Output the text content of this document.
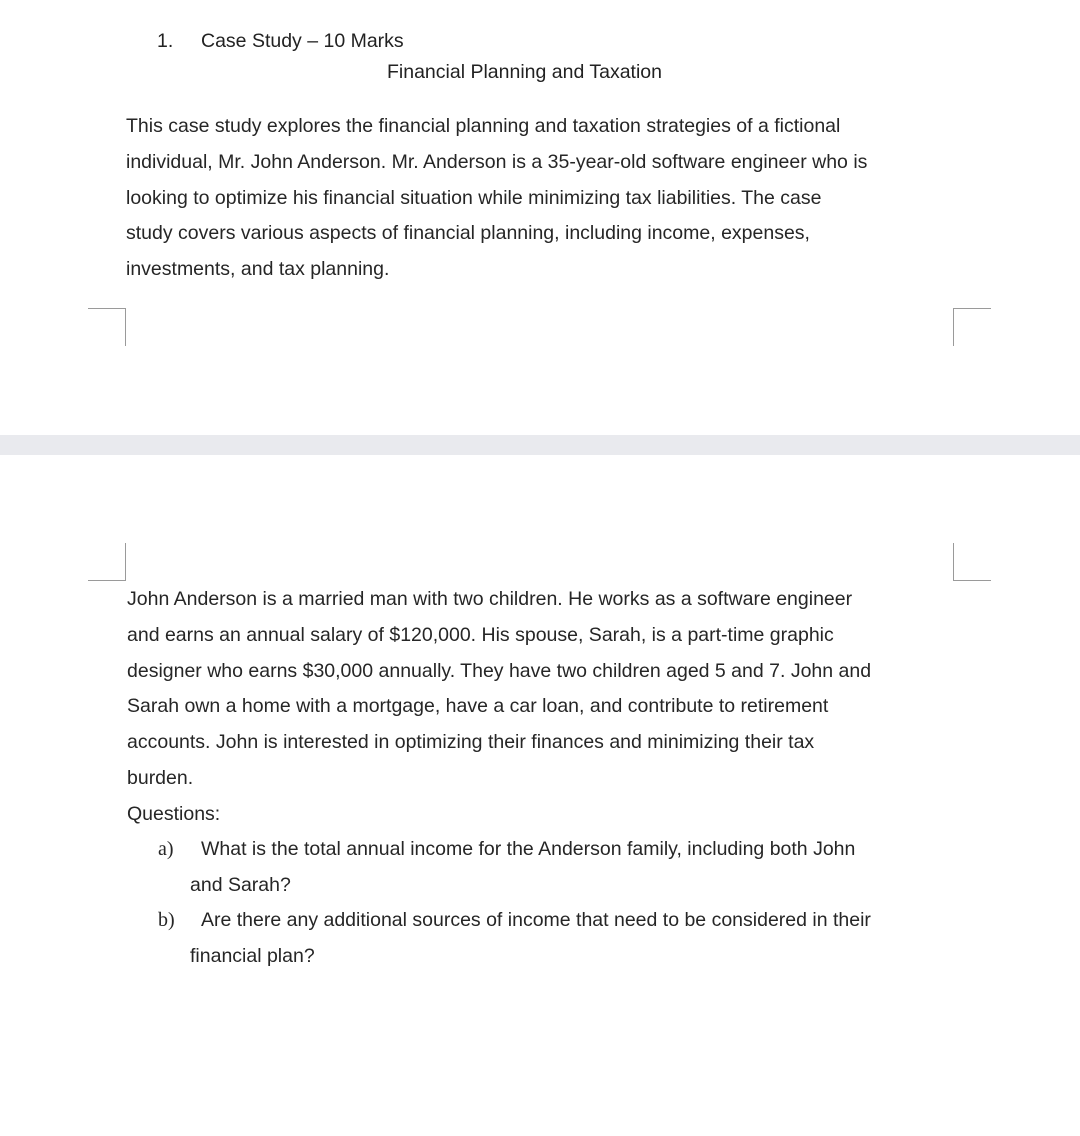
1. Case Study – 10 Marks
Financial Planning and Taxation
This case study explores the financial planning and taxation strategies of a fictional
individual, Mr. John Anderson. Mr. Anderson is a 35-year-old software engineer who is
looking to optimize his financial situation while minimizing tax liabilities. The case
study covers various aspects of financial planning, including income, expenses,
investments, and tax planning.
John Anderson is a married man with two children. He works as a software engineer
and earns an annual salary of $120,000. His spouse, Sarah, is a part-time graphic
designer who earns $30,000 annually. They have two children aged 5 and 7. John and
Sarah own a home with a mortgage, have a car loan, and contribute to retirement
accounts. John is interested in optimizing their finances and minimizing their tax
burden.
Questions:
a) What is the total annual income for the Anderson family, including both John
and Sarah?
b) Are there any additional sources of income that need to be considered in their
financial plan?
